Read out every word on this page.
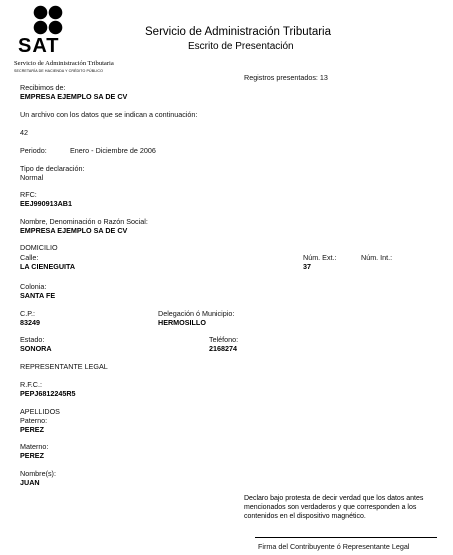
SAT
Servicio de Administración Tributaria
SECRETARÍA DE HACIENDA Y CRÉDITO PÚBLICO
Servicio de Administración Tributaria
Escrito de Presentación
Registros presentados: 13
Recibimos de:
EMPRESA EJEMPLO SA DE CV
Un archivo con los datos que se indican a continuación:
42
Periodo:	Enero - Diciembre de 2006
Tipo de declaración:
Normal
RFC:
EEJ990913AB1
Nombre, Denominación o Razón Social:
EMPRESA EJEMPLO SA DE CV
DOMICILIO
Calle:
LA CIENEGUITA
Núm. Ext.:
37
Núm. Int.:
Colonia:
SANTA FE
C.P.:
83249
Delegación ó Municipio:
HERMOSILLO
Estado:
SONORA
Teléfono:
2168274
REPRESENTANTE LEGAL
R.F.C.:
PEPJ6812245R5
APELLIDOS
Paterno:
PEREZ
Materno:
PEREZ
Nombre(s):
JUAN
Declaro bajo protesta de decir verdad que los datos antes mencionados son verdaderos y que corresponden a los contenidos en el dispositivo magnético.
Firma del Contribuyente ó Representante Legal
